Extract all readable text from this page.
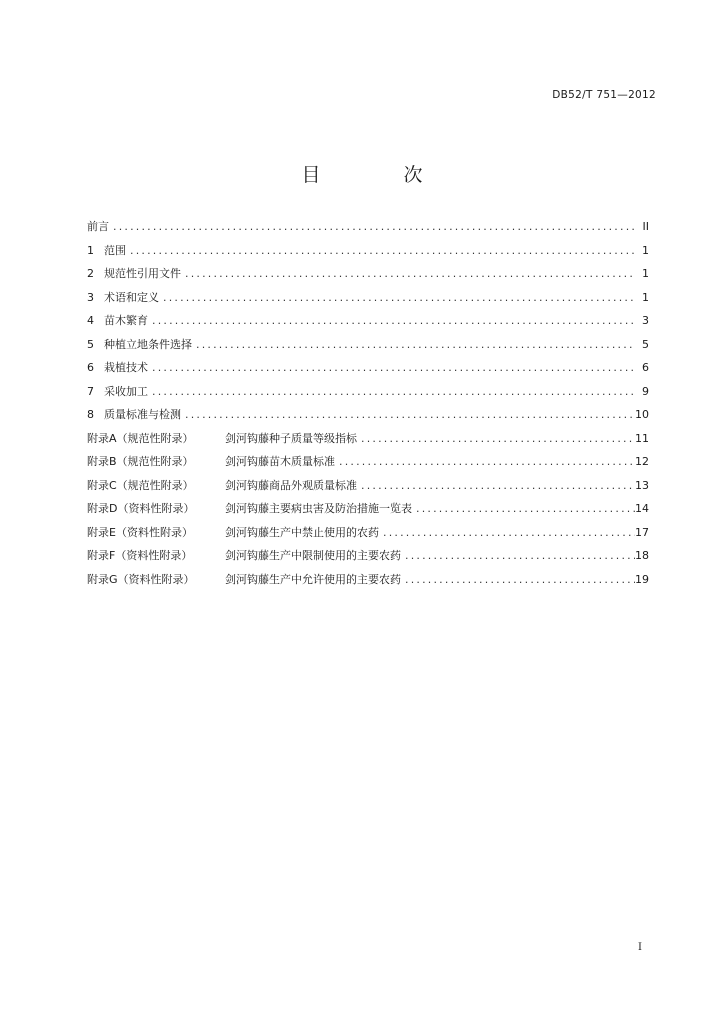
DB52/T 751—2012
目　次
前言 .....	II
1 范围 .....	1
2 规范性引用文件 .....	1
3 术语和定义 .....	1
4 苗木繁育 .....	3
5 种植立地条件选择 .....	5
6 栽植技术 .....	6
7 采收加工 .....	9
8 质量标准与检测 .....	10
附录A（规范性附录）	剑河钩藤种子质量等级指标 .....	11
附录B（规范性附录）	剑河钩藤苗木质量标准 .....	12
附录C（规范性附录）	剑河钩藤商品外观质量标准 .....	13
附录D（资料性附录）	剑河钩藤主要病虫害及防治措施一览表 .....	14
附录E（资料性附录）	剑河钩藤生产中禁止使用的农药 .....	17
附录F（资料性附录）	剑河钩藤生产中限制使用的主要农药 .....	18
附录G（资料性附录）	剑河钩藤生产中允许使用的主要农药 .....	19
I
